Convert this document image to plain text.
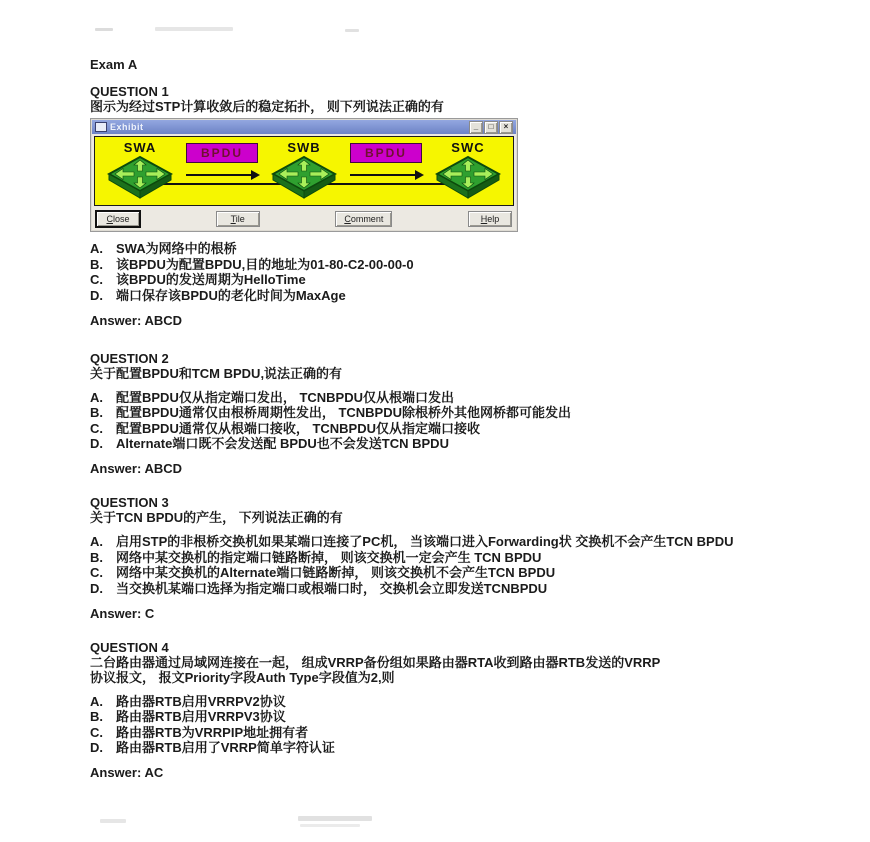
Exam A
QUESTION 1
图示为经过STP计算收敛后的稳定拓扑， 则下列说法正确的有
Exhibit	_	□	×
SWA	BPDU	SWB	BPDU	SWC
Close	Tile	Comment	Help
A.	SWA为网络中的根桥
B.	该BPDU为配置BPDU,目的地址为01-80-C2-00-00-0
C.	该BPDU的发送周期为HelloTime
D.	端口保存该BPDU的老化时间为MaxAge
Answer: ABCD
QUESTION 2
关于配置BPDU和TCM BPDU,说法正确的有
A.	配置BPDU仅从指定端口发出， TCNBPDU仅从根端口发出
B.	配置BPDU通常仅由根桥周期性发出， TCNBPDU除根桥外其他网桥都可能发出
C.	配置BPDU通常仅从根端口接收， TCNBPDU仅从指定端口接收
D.	Alternate端口既不会发送配 BPDU也不会发送TCN BPDU
Answer: ABCD
QUESTION 3
关于TCN BPDU的产生， 下列说法正确的有
A.	启用STP的非根桥交换机如果某端口连接了PC机， 当该端口进入Forwarding状 交换机不会产生TCN BPDU
B.	网络中某交换机的指定端口链路断掉， 则该交换机一定会产生 TCN BPDU
C.	网络中某交换机的Alternate端口链路断掉， 则该交换机不会产生TCN BPDU
D.	当交换机某端口选择为指定端口或根端口时， 交换机会立即发送TCNBPDU
Answer: C
QUESTION 4
二台路由器通过局域网连接在一起， 组成VRRP备份组如果路由器RTA收到路由器RTB发送的VRRP
协议报文， 报文Priority字段Auth Type字段值为2,则
A.	路由器RTB启用VRRPV2协议
B.	路由器RTB启用VRRPV3协议
C.	路由器RTB为VRRPIP地址拥有者
D.	路由器RTB启用了VRRP简单字符认证
Answer: AC
